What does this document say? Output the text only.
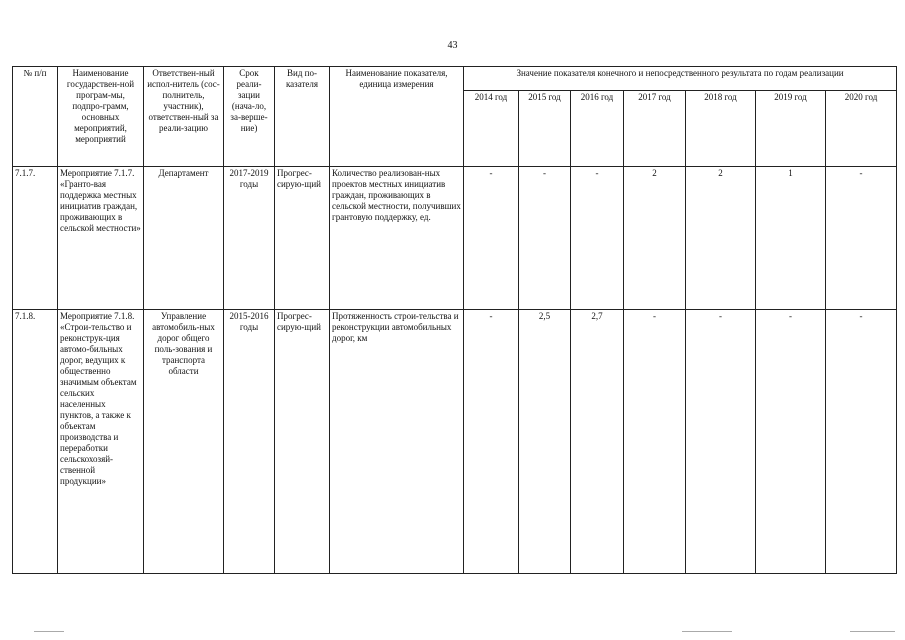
43
№ п/п	Наименование государствен-ной програм-мы, подпро-грамм, основных мероприятий, мероприятий	Ответствен-ный испол-нитель (сос-полнитель, участник), ответствен-ный за реали-зацию	Срок реали-зации (нача-ло, за-верше-ние)	Вид по-казателя	Наименование показателя, единица измерения	Значение показателя конечного и непосредственного результата по годам реализации						
						2014 год	2015 год	2016 год	2017 год	2018 год	2019 год	2020 год
7.1.7.	Мероприятие 7.1.7. «Гранто-вая поддержка местных инициатив граждан, проживающих в сельской местности»	Департамент	2017-2019 годы	Прогрес-сирую-щий	Количество реализован-ных проектов местных инициатив граждан, проживающих в сельской местности, получивших грантовую поддержку, ед.	-	-	-	2	2	1	-
7.1.8.	Мероприятие 7.1.8. «Строи-тельство и реконструк-ция автомо-бильных дорог, ведущих к общественно значимым объектам сельских населенных пунктов, а также к объектам производства и переработки сельскохозяй-ственной продукции»	Управление автомобиль-ных дорог общего поль-зования и транспорта области	2015-2016 годы	Прогрес-сирую-щий	Протяженность строи-тельства и реконструкции автомобильных дорог, км	-	2,5	2,7	-	-	-	-
